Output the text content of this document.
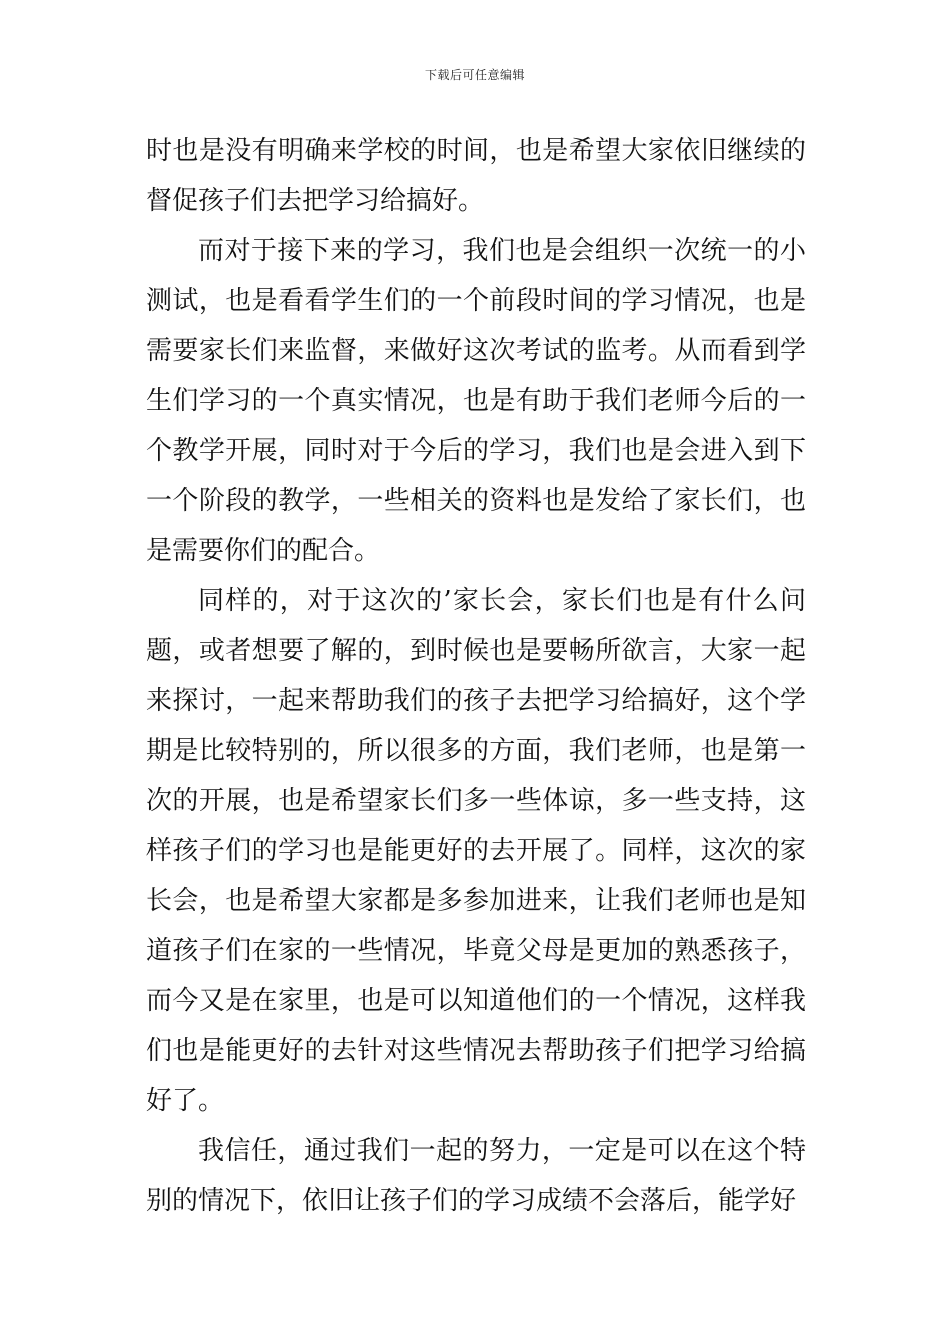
下载后可任意编辑

时也是没有明确来学校的时间，也是希望大家依旧继续的督促孩子们去把学习给搞好。

而对于接下来的学习，我们也是会组织一次统一的小测试，也是看看学生们的一个前段时间的学习情况，也是需要家长们来监督，来做好这次考试的监考。从而看到学生们学习的一个真实情况，也是有助于我们老师今后的一个教学开展，同时对于今后的学习，我们也是会进入到下一个阶段的教学，一些相关的资料也是发给了家长们，也是需要你们的配合。

同样的，对于这次的’家长会，家长们也是有什么问题，或者想要了解的，到时候也是要畅所欲言，大家一起来探讨，一起来帮助我们的孩子去把学习给搞好，这个学期是比较特别的，所以很多的方面，我们老师，也是第一次的开展，也是希望家长们多一些体谅，多一些支持，这样孩子们的学习也是能更好的去开展了。同样，这次的家长会，也是希望大家都是多参加进来，让我们老师也是知道孩子们在家的一些情况，毕竟父母是更加的熟悉孩子，而今又是在家里，也是可以知道他们的一个情况，这样我们也是能更好的去针对这些情况去帮助孩子们把学习给搞好了。

我信任，通过我们一起的努力，一定是可以在这个特别的情况下，依旧让孩子们的学习成绩不会落后，能学好
